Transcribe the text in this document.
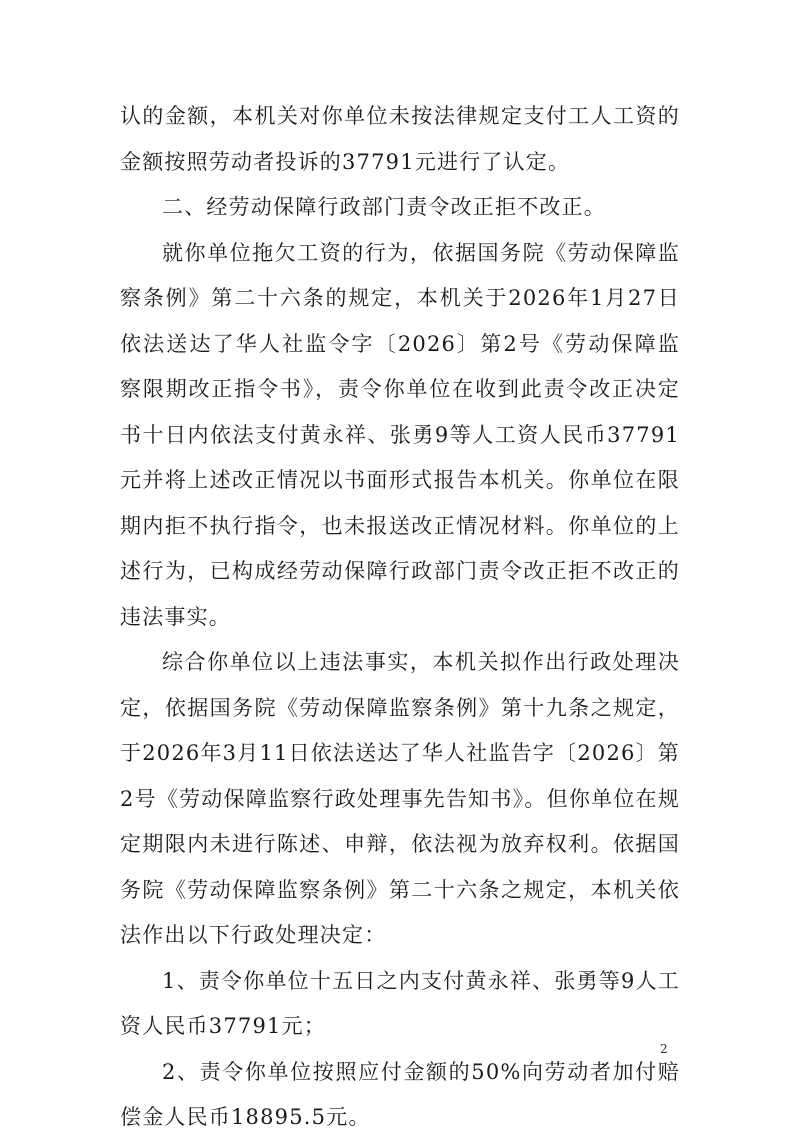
认的金额，本机关对你单位未按法律规定支付工人工资的金额按照劳动者投诉的37791元进行了认定。

二、经劳动保障行政部门责令改正拒不改正。

就你单位拖欠工资的行为，依据国务院《劳动保障监察条例》第二十六条的规定，本机关于2026年1月27日依法送达了华人社监令字〔2026〕第2号《劳动保障监察限期改正指令书》，责令你单位在收到此责令改正决定书十日内依法支付黄永祥、张勇9等人工资人民币37791元并将上述改正情况以书面形式报告本机关。你单位在限期内拒不执行指令，也未报送改正情况材料。你单位的上述行为，已构成经劳动保障行政部门责令改正拒不改正的违法事实。

综合你单位以上违法事实，本机关拟作出行政处理决定，依据国务院《劳动保障监察条例》第十九条之规定，于2026年3月11日依法送达了华人社监告字〔2026〕第2号《劳动保障监察行政处理事先告知书》。但你单位在规定期限内未进行陈述、申辩，依法视为放弃权利。依据国务院《劳动保障监察条例》第二十六条之规定，本机关依法作出以下行政处理决定：

1、责令你单位十五日之内支付黄永祥、张勇等9人工资人民币37791元；

2、责令你单位按照应付金额的50%向劳动者加付赔偿金人民币18895.5元。

2
